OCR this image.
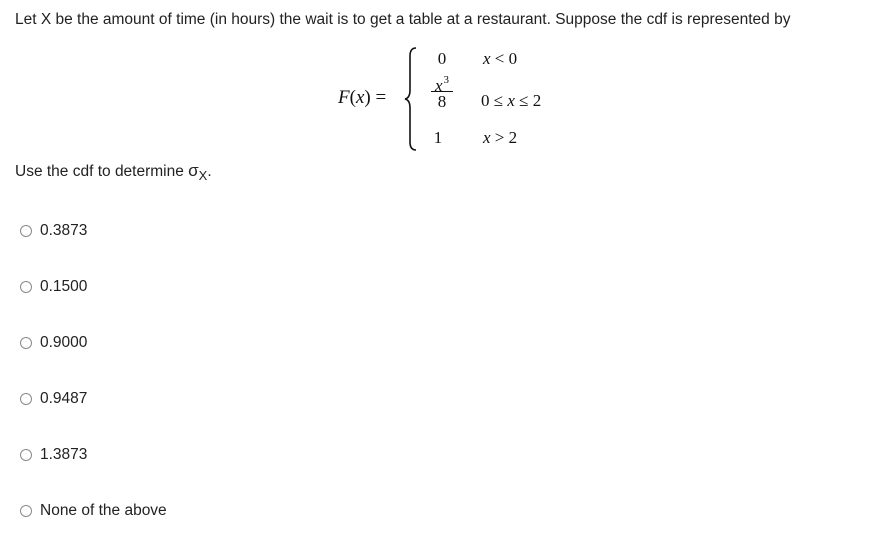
Let X be the amount of time (in hours) the wait is to get a table at a restaurant. Suppose the cdf is represented by
F(x) =
0	x < 0
$x^3$
8	0 ≤ x ≤ 2
1	x > 2
Use the cdf to determine $\sigma_X$.
0.3873
0.1500
0.9000
0.9487
1.3873
None of the above
